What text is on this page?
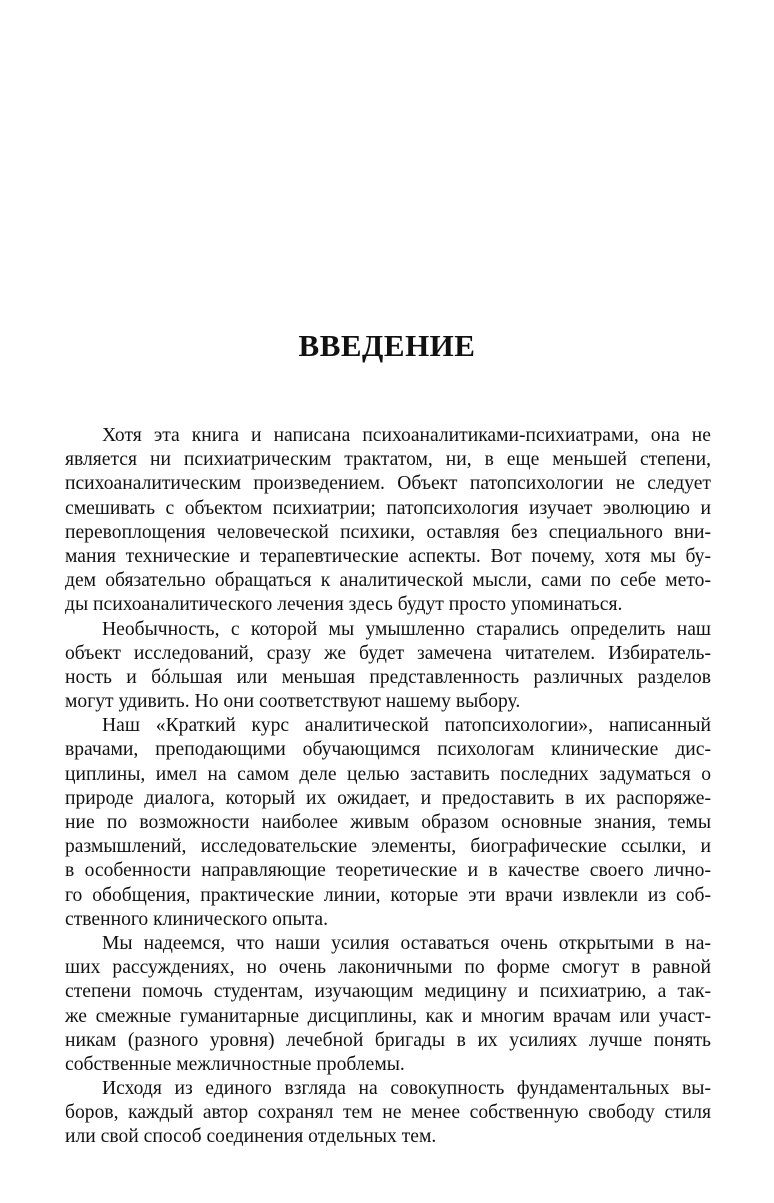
ВВЕДЕНИЕ
Хотя эта книга и написана психоаналитиками-психиатрами, она не
является ни психиатрическим трактатом, ни, в еще меньшей степени,
психоаналитическим произведением. Объект патопсихологии не следует
смешивать с объектом психиатрии; патопсихология изучает эволюцию и
перевоплощения человеческой психики, оставляя без специального вни-
мания технические и терапевтические аспекты. Вот почему, хотя мы бу-
дем обязательно обращаться к аналитической мысли, сами по себе мето-
ды психоаналитического лечения здесь будут просто упоминаться.
Необычность, с которой мы умышленно старались определить наш
объект исследований, сразу же будет замечена читателем. Избиратель-
ность и бóльшая или меньшая представленность различных разделов
могут удивить. Но они соответствуют нашему выбору.
Наш «Краткий курс аналитической патопсихологии», написанный
врачами, преподающими обучающимся психологам клинические дис-
циплины, имел на самом деле целью заставить последних задуматься о
природе диалога, который их ожидает, и предоставить в их распоряже-
ние по возможности наиболее живым образом основные знания, темы
размышлений, исследовательские элементы, биографические ссылки, и
в особенности направляющие теоретические и в качестве своего лично-
го обобщения, практические линии, которые эти врачи извлекли из соб-
ственного клинического опыта.
Мы надеемся, что наши усилия оставаться очень открытыми в на-
ших рассуждениях, но очень лаконичными по форме смогут в равной
степени помочь студентам, изучающим медицину и психиатрию, а так-
же смежные гуманитарные дисциплины, как и многим врачам или участ-
никам (разного уровня) лечебной бригады в их усилиях лучше понять
собственные межличностные проблемы.
Исходя из единого взгляда на совокупность фундаментальных вы-
боров, каждый автор сохранял тем не менее собственную свободу стиля
или свой способ соединения отдельных тем.
